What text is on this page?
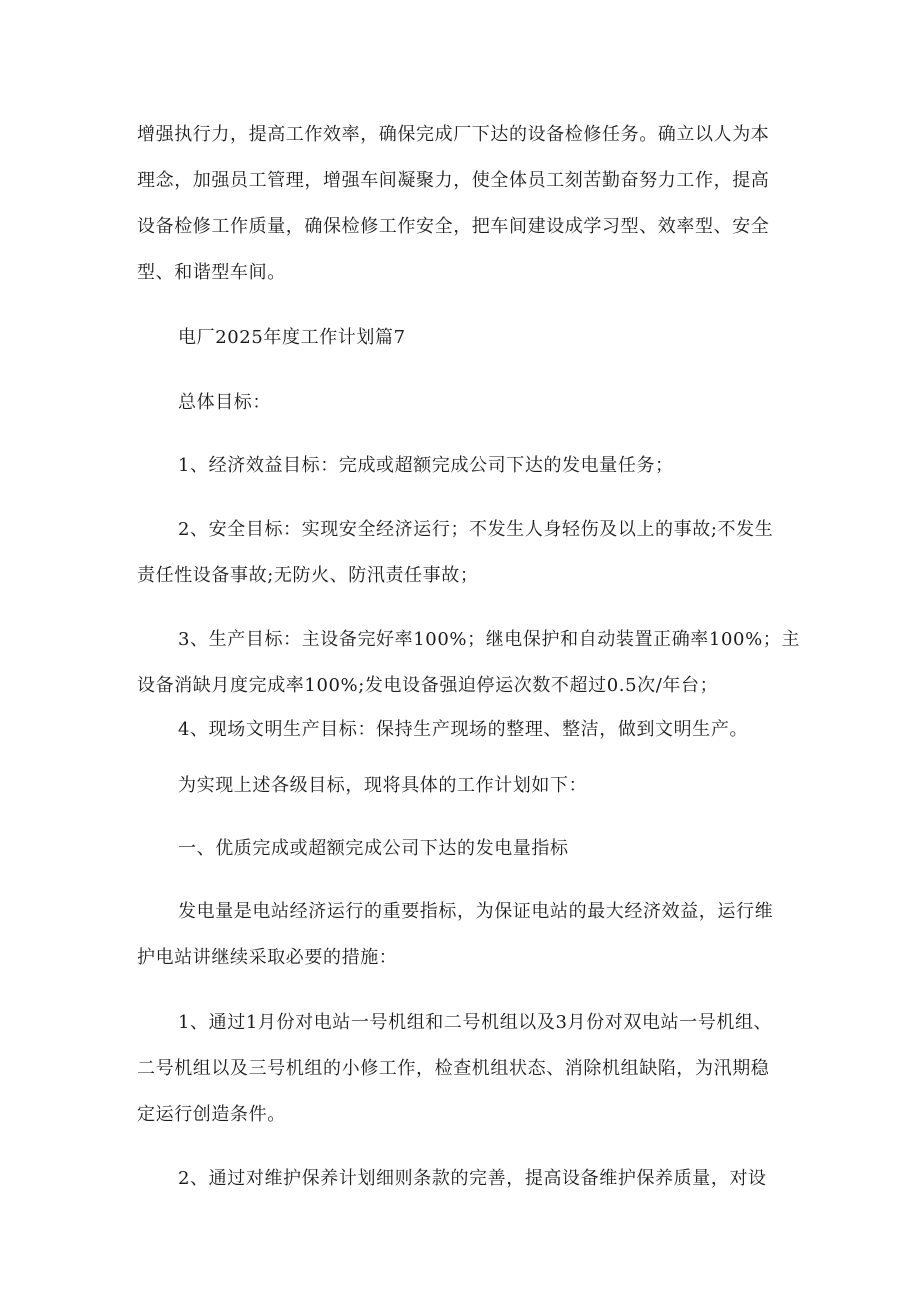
增强执行力，提高工作效率，确保完成厂下达的设备检修任务。确立以人为本
理念，加强员工管理，增强车间凝聚力，使全体员工刻苦勤奋努力工作，提高
设备检修工作质量，确保检修工作安全，把车间建设成学习型、效率型、安全
型、和谐型车间。
电厂2025年度工作计划篇7
总体目标：
1、经济效益目标：完成或超额完成公司下达的发电量任务；
2、安全目标：实现安全经济运行；不发生人身轻伤及以上的事故;不发生
责任性设备事故;无防火、防汛责任事故；
3、生产目标：主设备完好率100%；继电保护和自动装置正确率100%；主
设备消缺月度完成率100%;发电设备强迫停运次数不超过0.5次/年台；
4、现场文明生产目标：保持生产现场的整理、整洁，做到文明生产。
为实现上述各级目标，现将具体的工作计划如下：
一、优质完成或超额完成公司下达的发电量指标
发电量是电站经济运行的重要指标，为保证电站的最大经济效益，运行维
护电站讲继续采取必要的措施：
1、通过1月份对电站一号机组和二号机组以及3月份对双电站一号机组、
二号机组以及三号机组的小修工作，检查机组状态、消除机组缺陷，为汛期稳
定运行创造条件。
2、通过对维护保养计划细则条款的完善，提高设备维护保养质量，对设
